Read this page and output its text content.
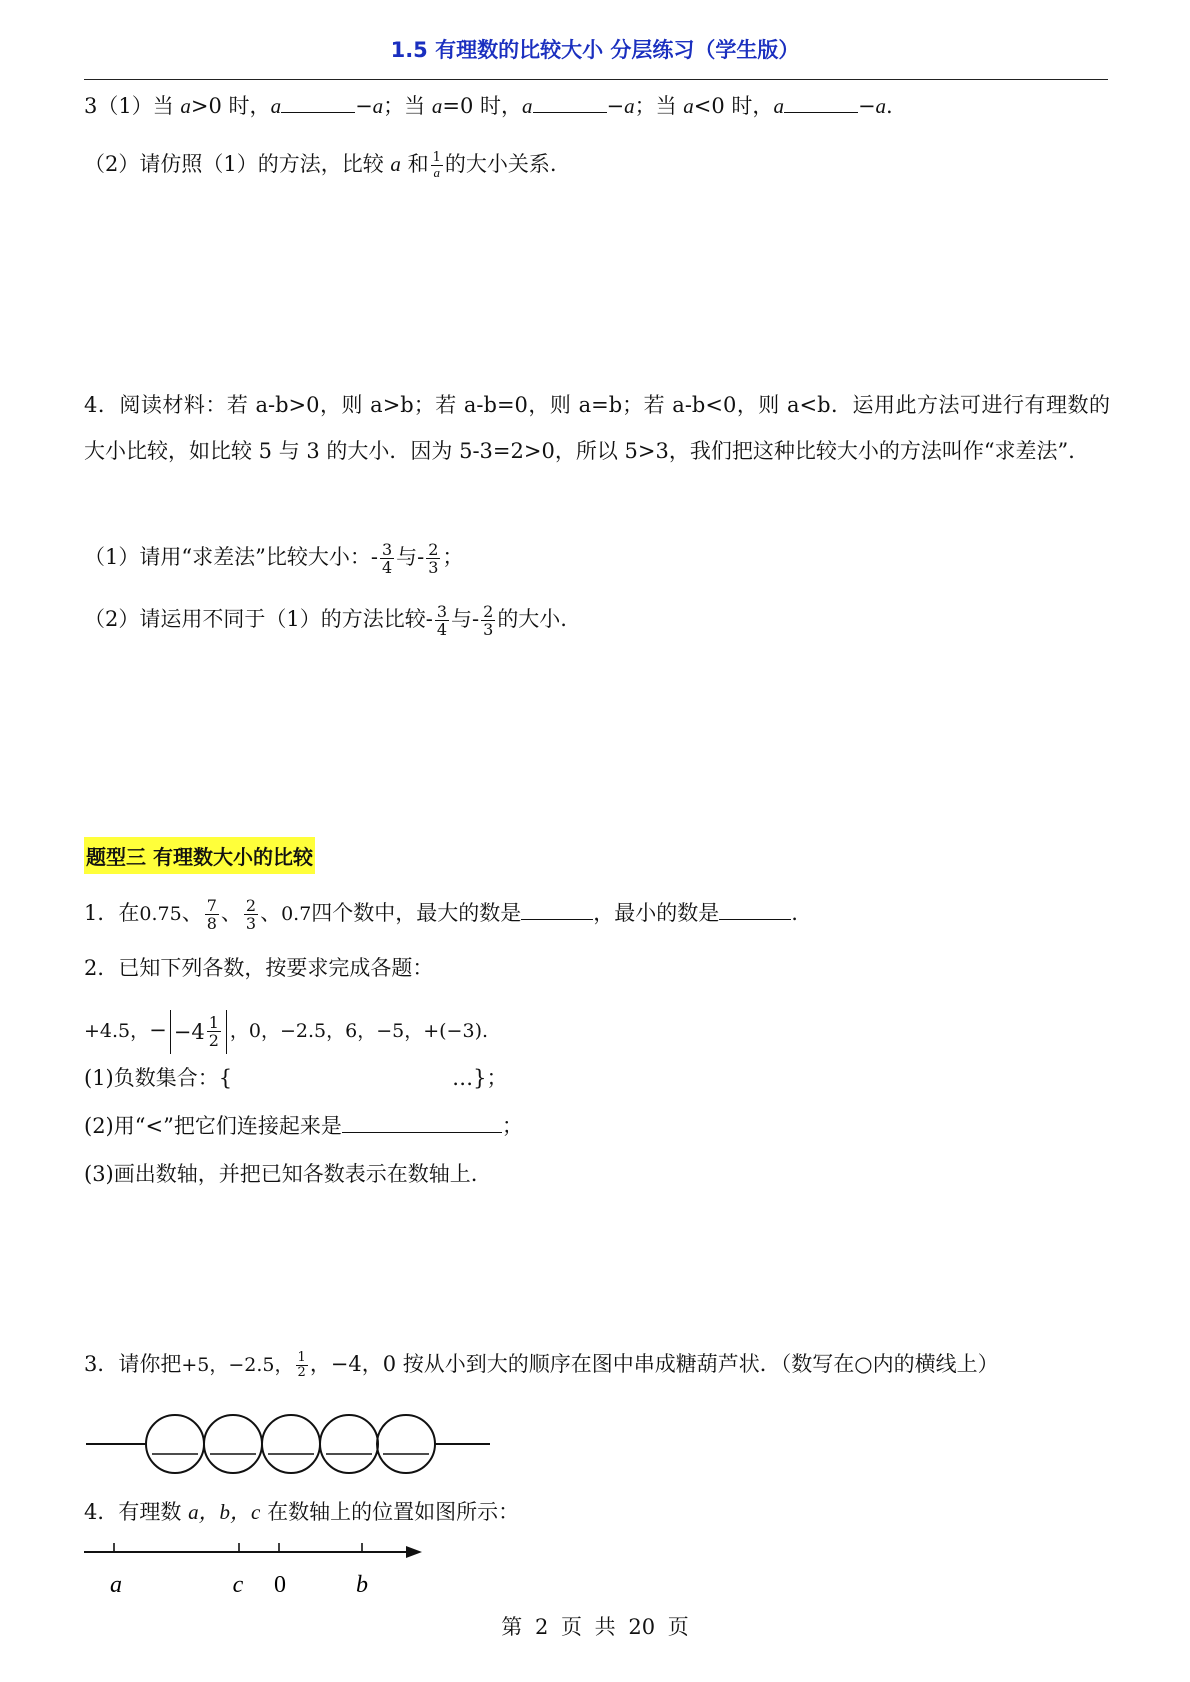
1.5 有理数的比较大小 分层练习（学生版）
3（1）当 a>0 时，a	−a；当 a=0 时，a	−a；当 a<0 时，a	−a.
（2）请仿照（1）的方法，比较 a 和 $\frac{1}{a}$ 的大小关系.
4．阅读材料：若 a-b>0，则 a>b；若 a-b=0，则 a=b；若 a-b<0，则 a<b．运用此方法可进行有理数的大小比较，如比较 5 与 3 的大小．因为 5-3=2>0，所以 5>3，我们把这种比较大小的方法叫作“求差法”．
（1）请用“求差法”比较大小：- $\frac{3}{4}$ 与- $\frac{2}{3}$ ；
（2）请运用不同于（1）的方法比较- $\frac{3}{4}$ 与- $\frac{2}{3}$ 的大小.
题型三 有理数大小的比较
1．在0.75、 $\frac{7}{8}$ 、 $\frac{2}{3}$ 、0.7四个数中，最大的数是	，最小的数是	.
2．已知下列各数，按要求完成各题：
+4.5，− $-4 \frac{1}{2}$ ，0，−2.5，6，−5，+(−3).
(1)负数集合：{	…}；
(2)用“<”把它们连接起来是	；
(3)画出数轴，并把已知各数表示在数轴上.
3．请你把+5，−2.5， $\frac{1}{2}$ ，−4，0 按从小到大的顺序在图中串成糖葫芦状．（数写在○内的横线上）
4．有理数 a，b，c 在数轴上的位置如图所示：
a	c 0	b
第 2 页 共 20 页
